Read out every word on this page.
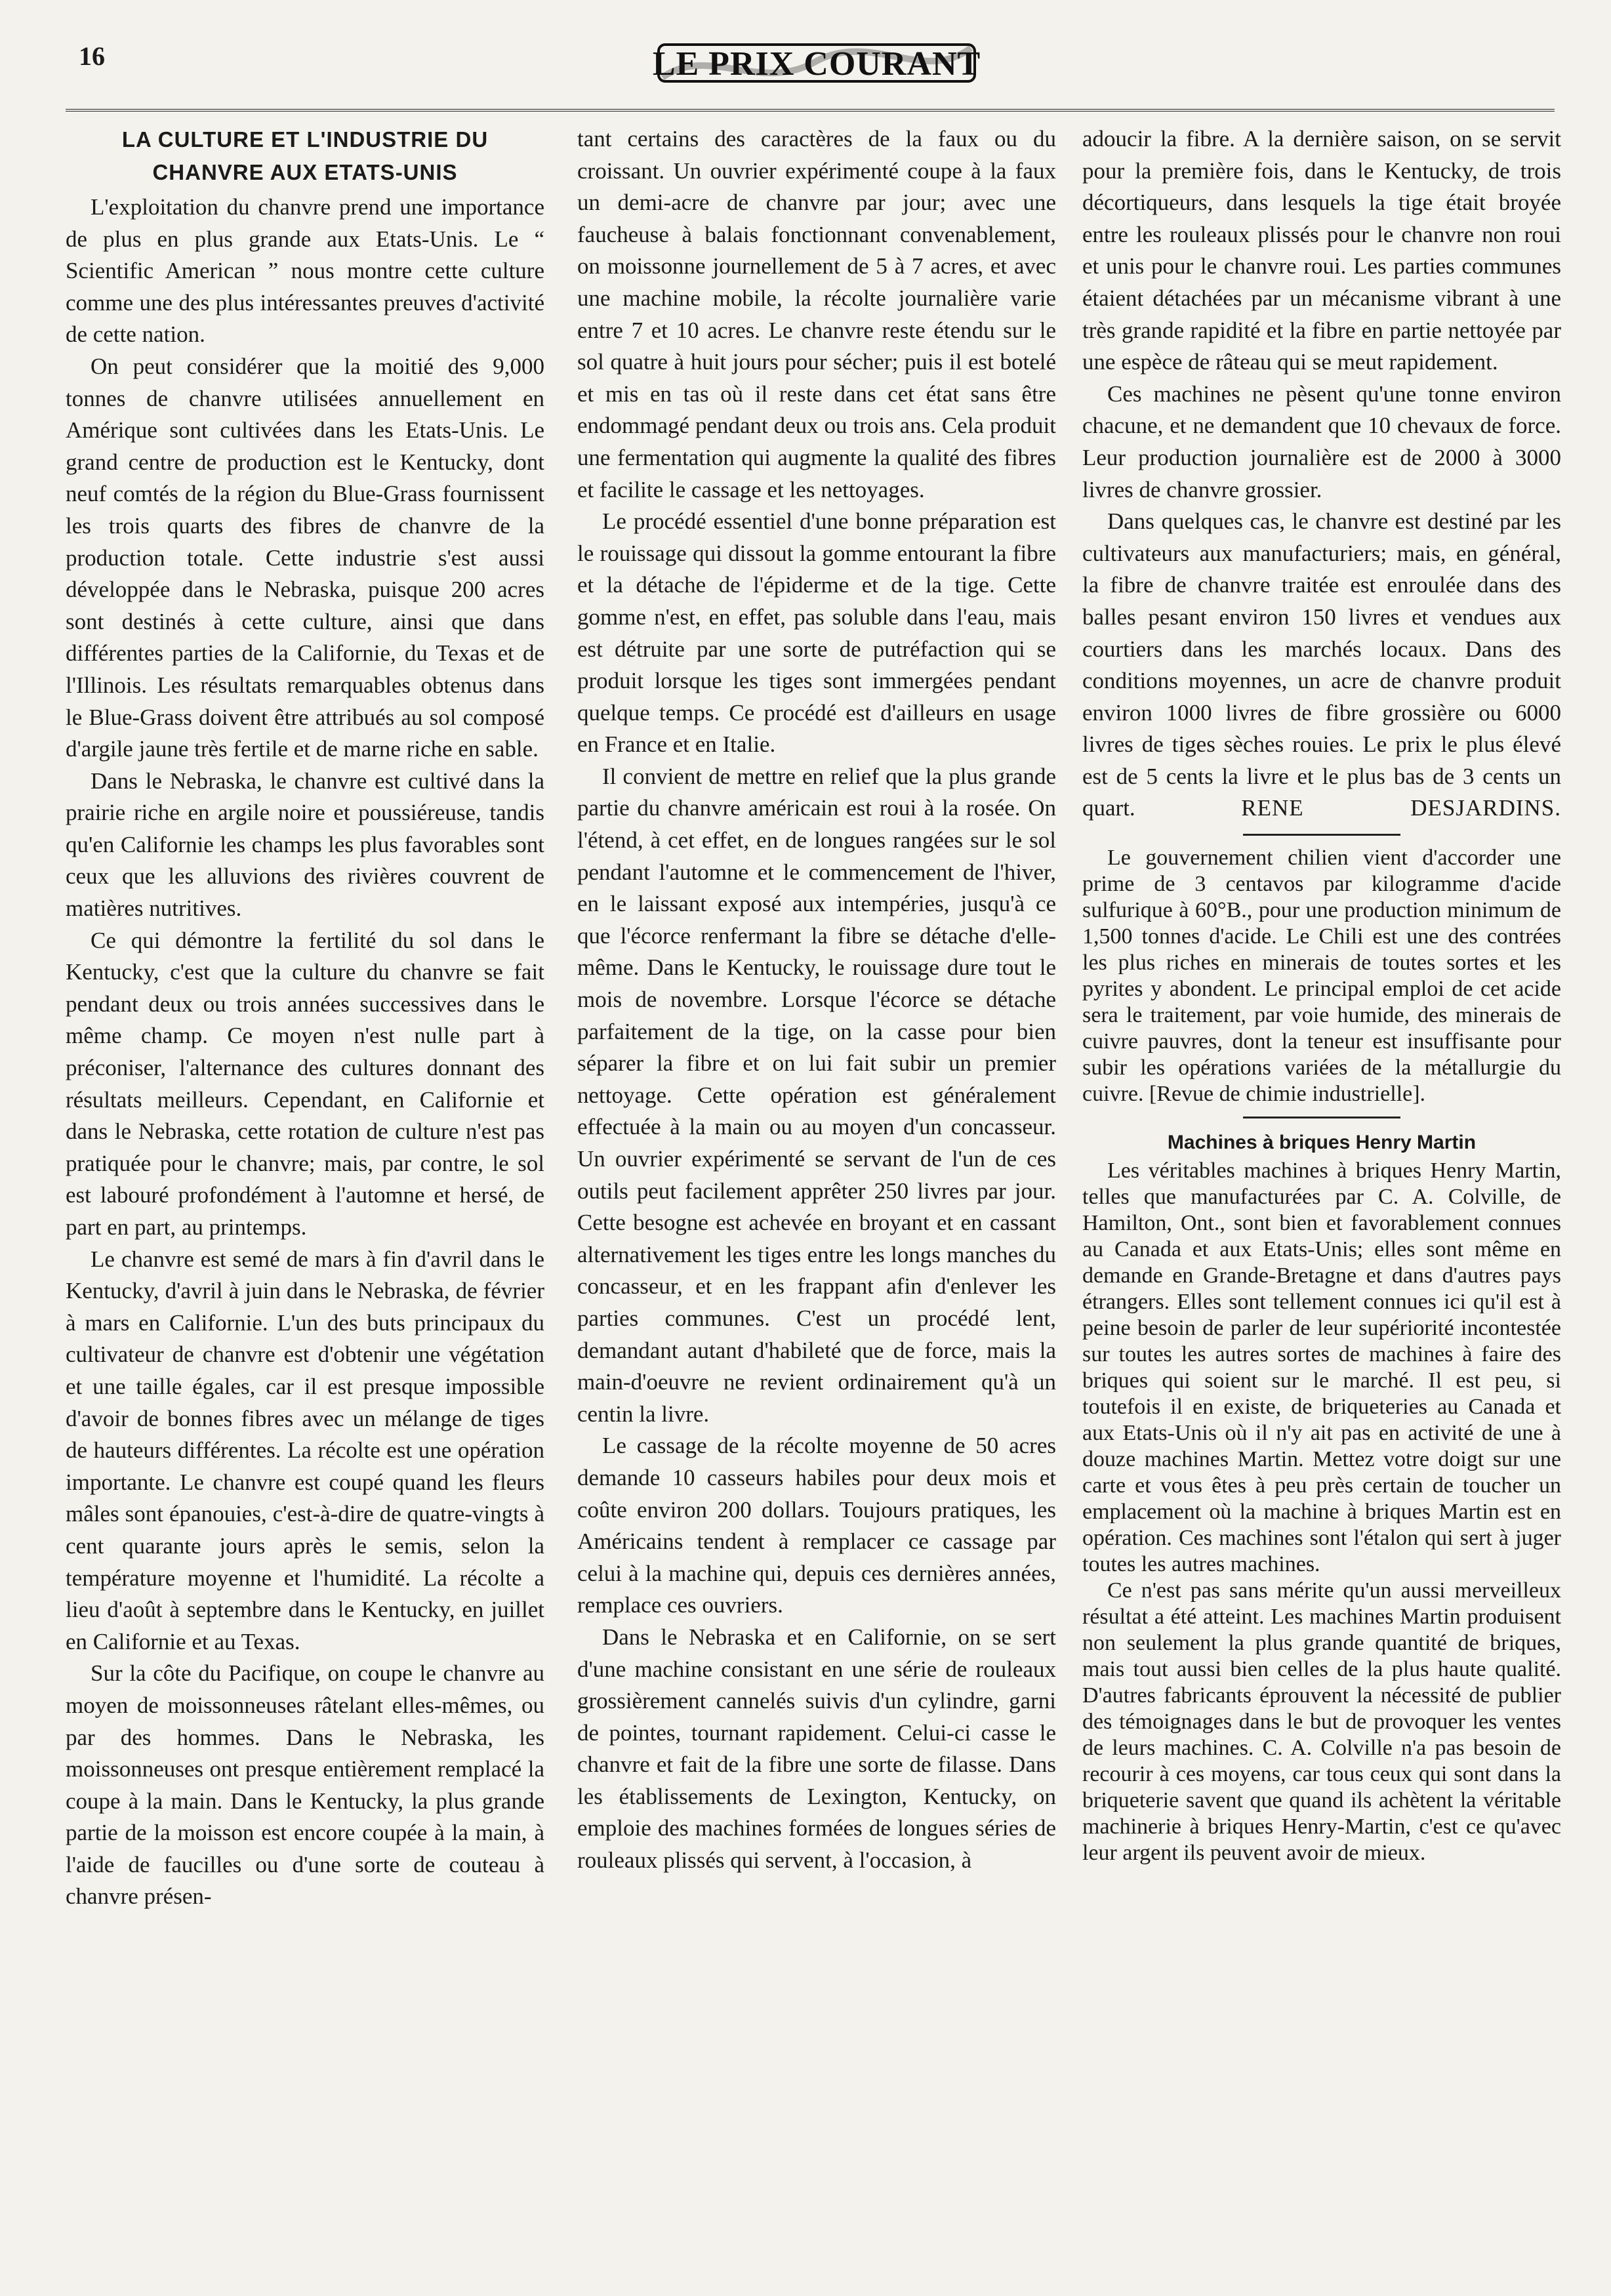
16	LE PRIX COURANT
LA CULTURE ET L'INDUSTRIE DU CHANVRE AUX ETATS-UNIS

L'exploitation du chanvre prend une importance de plus en plus grande aux Etats-Unis. Le “ Scientific American ” nous montre cette culture comme une des plus intéressantes preuves d'activité de cette nation.

On peut considérer que la moitié des 9,000 tonnes de chanvre utilisées annuellement en Amérique sont cultivées dans les Etats-Unis. Le grand centre de production est le Kentucky, dont neuf comtés de la région du Blue-Grass fournissent les trois quarts des fibres de chanvre de la production totale. Cette industrie s'est aussi développée dans le Nebraska, puisque 200 acres sont destinés à cette culture, ainsi que dans différentes parties de la Californie, du Texas et de l'Illinois. Les résultats remarquables obtenus dans le Blue-Grass doivent être attribués au sol composé d'argile jaune très fertile et de marne riche en sable.

Dans le Nebraska, le chanvre est cultivé dans la prairie riche en argile noire et poussiéreuse, tandis qu'en Californie les champs les plus favorables sont ceux que les alluvions des rivières couvrent de matières nutritives.

Ce qui démontre la fertilité du sol dans le Kentucky, c'est que la culture du chanvre se fait pendant deux ou trois années successives dans le même champ. Ce moyen n'est nulle part à préconiser, l'alternance des cultures donnant des résultats meilleurs. Cependant, en Californie et dans le Nebraska, cette rotation de culture n'est pas pratiquée pour le chanvre; mais, par contre, le sol est labouré profondément à l'automne et hersé, de part en part, au printemps.

Le chanvre est semé de mars à fin d'avril dans le Kentucky, d'avril à juin dans le Nebraska, de février à mars en Californie. L'un des buts principaux du cultivateur de chanvre est d'obtenir une végétation et une taille égales, car il est presque impossible d'avoir de bonnes fibres avec un mélange de tiges de hauteurs différentes. La récolte est une opération importante. Le chanvre est coupé quand les fleurs mâles sont épanouies, c'est-à-dire de quatre-vingts à cent quarante jours après le semis, selon la température moyenne et l'humidité. La récolte a lieu d'août à septembre dans le Kentucky, en juillet en Californie et au Texas.

Sur la côte du Pacifique, on coupe le chanvre au moyen de moissonneuses râtelant elles-mêmes, ou par des hommes. Dans le Nebraska, les moissonneuses ont presque entièrement remplacé la coupe à la main. Dans le Kentucky, la plus grande partie de la moisson est encore coupée à la main, à l'aide de faucilles ou d'une sorte de couteau à chanvre présen-

tant certains des caractères de la faux ou du croissant. Un ouvrier expérimenté coupe à la faux un demi-acre de chanvre par jour; avec une faucheuse à balais fonctionnant convenablement, on moissonne journellement de 5 à 7 acres, et avec une machine mobile, la récolte journalière varie entre 7 et 10 acres. Le chanvre reste étendu sur le sol quatre à huit jours pour sécher; puis il est botelé et mis en tas où il reste dans cet état sans être endommagé pendant deux ou trois ans. Cela produit une fermentation qui augmente la qualité des fibres et facilite le cassage et les nettoyages.

Le procédé essentiel d'une bonne préparation est le rouissage qui dissout la gomme entourant la fibre et la détache de l'épiderme et de la tige. Cette gomme n'est, en effet, pas soluble dans l'eau, mais est détruite par une sorte de putréfaction qui se produit lorsque les tiges sont immergées pendant quelque temps. Ce procédé est d'ailleurs en usage en France et en Italie.

Il convient de mettre en relief que la plus grande partie du chanvre américain est roui à la rosée. On l'étend, à cet effet, en de longues rangées sur le sol pendant l'automne et le commencement de l'hiver, en le laissant exposé aux intempéries, jusqu'à ce que l'écorce renfermant la fibre se détache d'elle-même. Dans le Kentucky, le rouissage dure tout le mois de novembre. Lorsque l'écorce se détache parfaitement de la tige, on la casse pour bien séparer la fibre et on lui fait subir un premier nettoyage. Cette opération est généralement effectuée à la main ou au moyen d'un concasseur. Un ouvrier expérimenté se servant de l'un de ces outils peut facilement apprêter 250 livres par jour. Cette besogne est achevée en broyant et en cassant alternativement les tiges entre les longs manches du concasseur, et en les frappant afin d'enlever les parties communes. C'est un procédé lent, demandant autant d'habileté que de force, mais la main-d'oeuvre ne revient ordinairement qu'à un centin la livre.

Le cassage de la récolte moyenne de 50 acres demande 10 casseurs habiles pour deux mois et coûte environ 200 dollars. Toujours pratiques, les Américains tendent à remplacer ce cassage par celui à la machine qui, depuis ces dernières années, remplace ces ouvriers.

Dans le Nebraska et en Californie, on se sert d'une machine consistant en une série de rouleaux grossièrement cannelés suivis d'un cylindre, garni de pointes, tournant rapidement. Celui-ci casse le chanvre et fait de la fibre une sorte de filasse. Dans les établissements de Lexington, Kentucky, on emploie des machines formées de longues séries de rouleaux plissés qui servent, à l'occasion, à

adoucir la fibre. A la dernière saison, on se servit pour la première fois, dans le Kentucky, de trois décortiqueurs, dans lesquels la tige était broyée entre les rouleaux plissés pour le chanvre non roui et unis pour le chanvre roui. Les parties communes étaient détachées par un mécanisme vibrant à une très grande rapidité et la fibre en partie nettoyée par une espèce de râteau qui se meut rapidement.

Ces machines ne pèsent qu'une tonne environ chacune, et ne demandent que 10 chevaux de force. Leur production journalière est de 2000 à 3000 livres de chanvre grossier.

Dans quelques cas, le chanvre est destiné par les cultivateurs aux manufacturiers; mais, en général, la fibre de chanvre traitée est enroulée dans des balles pesant environ 150 livres et vendues aux courtiers dans les marchés locaux. Dans des conditions moyennes, un acre de chanvre produit environ 1000 livres de fibre grossière ou 6000 livres de tiges sèches rouies. Le prix le plus élevé est de 5 cents la livre et le plus bas de 3 cents un quart.	RENE DESJARDINS.

Le gouvernement chilien vient d'accorder une prime de 3 centavos par kilogramme d'acide sulfurique à 60°B., pour une production minimum de 1,500 tonnes d'acide. Le Chili est une des contrées les plus riches en minerais de toutes sortes et les pyrites y abondent. Le principal emploi de cet acide sera le traitement, par voie humide, des minerais de cuivre pauvres, dont la teneur est insuffisante pour subir les opérations variées de la métallurgie du cuivre. [Revue de chimie industrielle].

Machines à briques Henry Martin

Les véritables machines à briques Henry Martin, telles que manufacturées par C. A. Colville, de Hamilton, Ont., sont bien et favorablement connues au Canada et aux Etats-Unis; elles sont même en demande en Grande-Bretagne et dans d'autres pays étrangers. Elles sont tellement connues ici qu'il est à peine besoin de parler de leur supériorité incontestée sur toutes les autres sortes de machines à faire des briques qui soient sur le marché. Il est peu, si toutefois il en existe, de briqueteries au Canada et aux Etats-Unis où il n'y ait pas en activité de une à douze machines Martin. Mettez votre doigt sur une carte et vous êtes à peu près certain de toucher un emplacement où la machine à briques Martin est en opération. Ces machines sont l'étalon qui sert à juger toutes les autres machines.

Ce n'est pas sans mérite qu'un aussi merveilleux résultat a été atteint. Les machines Martin produisent non seulement la plus grande quantité de briques, mais tout aussi bien celles de la plus haute qualité. D'autres fabricants éprouvent la nécessité de publier des témoignages dans le but de provoquer les ventes de leurs machines. C. A. Colville n'a pas besoin de recourir à ces moyens, car tous ceux qui sont dans la briqueterie savent que quand ils achètent la véritable machinerie à briques Henry-Martin, c'est ce qu'avec leur argent ils peuvent avoir de mieux.
